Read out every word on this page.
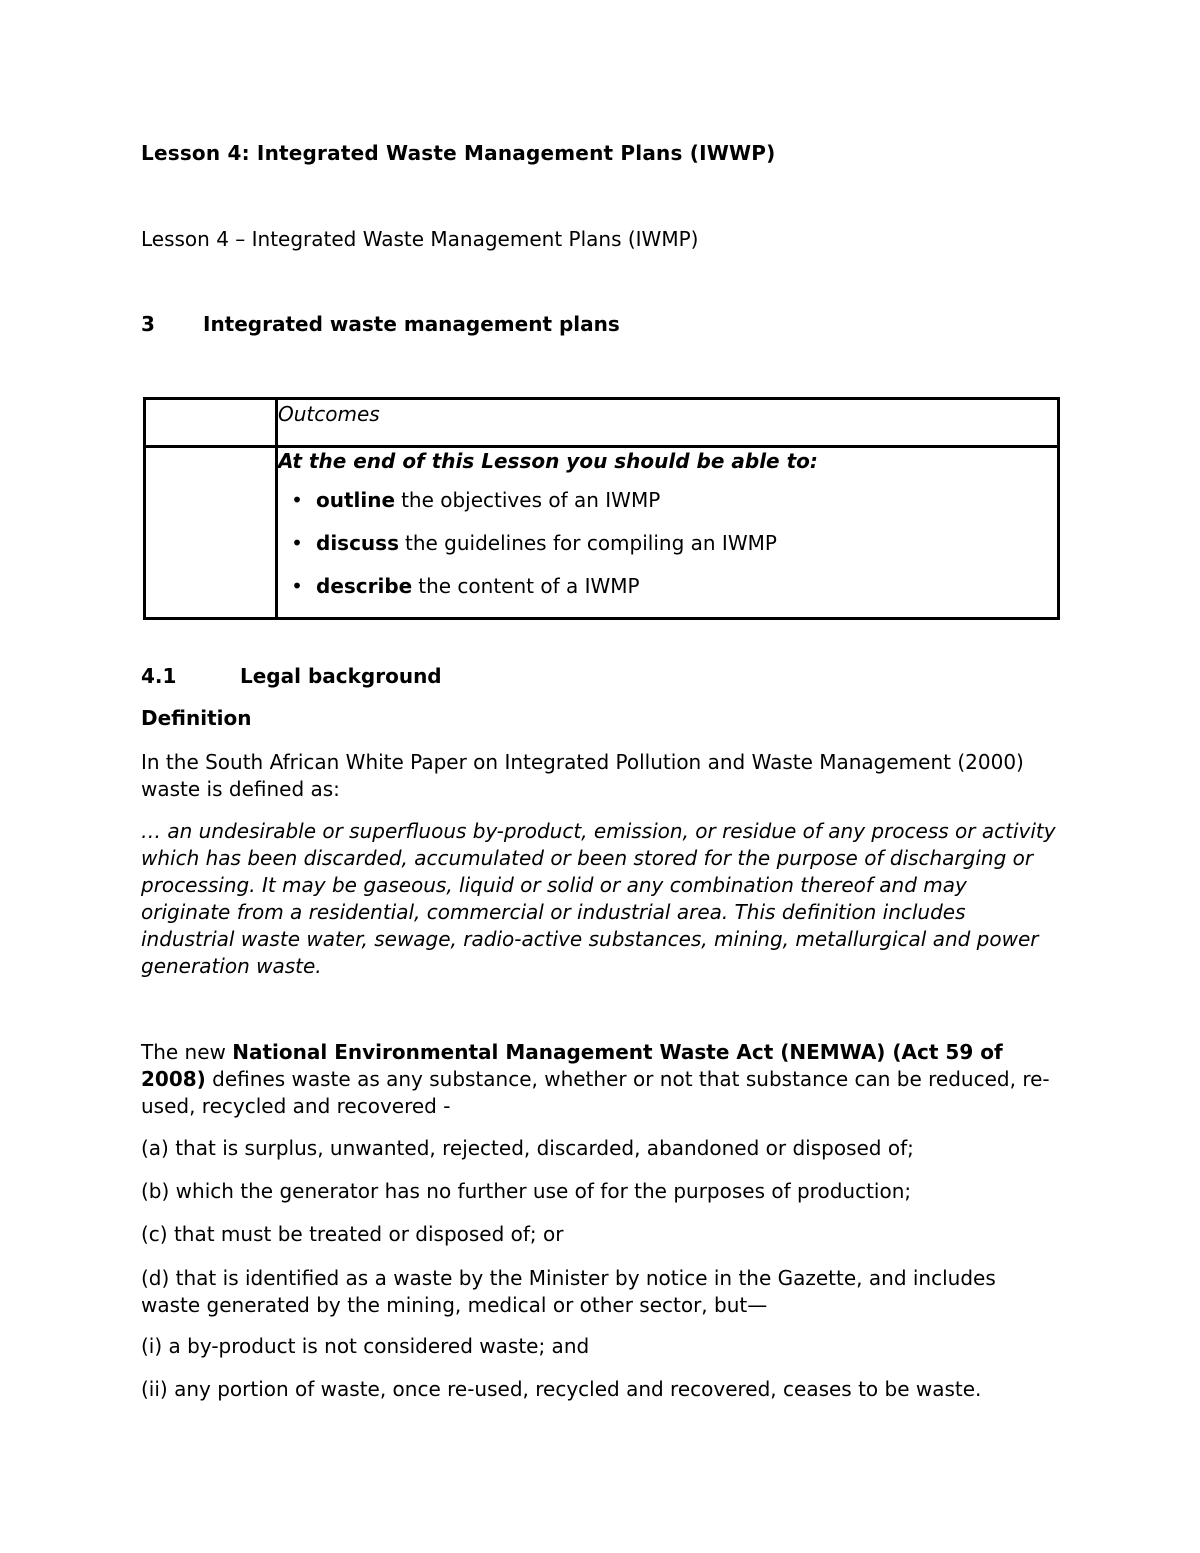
Lesson 4: Integrated Waste Management Plans (IWWP)

Lesson 4 – Integrated Waste Management Plans (IWMP)

3 Integrated waste management plans

Outcomes
At the end of this Lesson you should be able to:
• outline the objectives of an IWMP
• discuss the guidelines for compiling an IWMP
• describe the content of a IWMP

4.1	Legal background

Definition

In the South African White Paper on Integrated Pollution and Waste Management (2000) waste is defined as:

… an undesirable or superfluous by-product, emission, or residue of any process or activity which has been discarded, accumulated or been stored for the purpose of discharging or processing. It may be gaseous, liquid or solid or any combination thereof and may originate from a residential, commercial or industrial area. This definition includes industrial waste water, sewage, radio-active substances, mining, metallurgical and power generation waste.

The new National Environmental Management Waste Act (NEMWA) (Act 59 of 2008) defines waste as any substance, whether or not that substance can be reduced, re-used, recycled and recovered -

(a) that is surplus, unwanted, rejected, discarded, abandoned or disposed of;

(b) which the generator has no further use of for the purposes of production;

(c) that must be treated or disposed of; or

(d) that is identified as a waste by the Minister by notice in the Gazette, and includes waste generated by the mining, medical or other sector, but—

(i) a by-product is not considered waste; and

(ii) any portion of waste, once re-used, recycled and recovered, ceases to be waste.
